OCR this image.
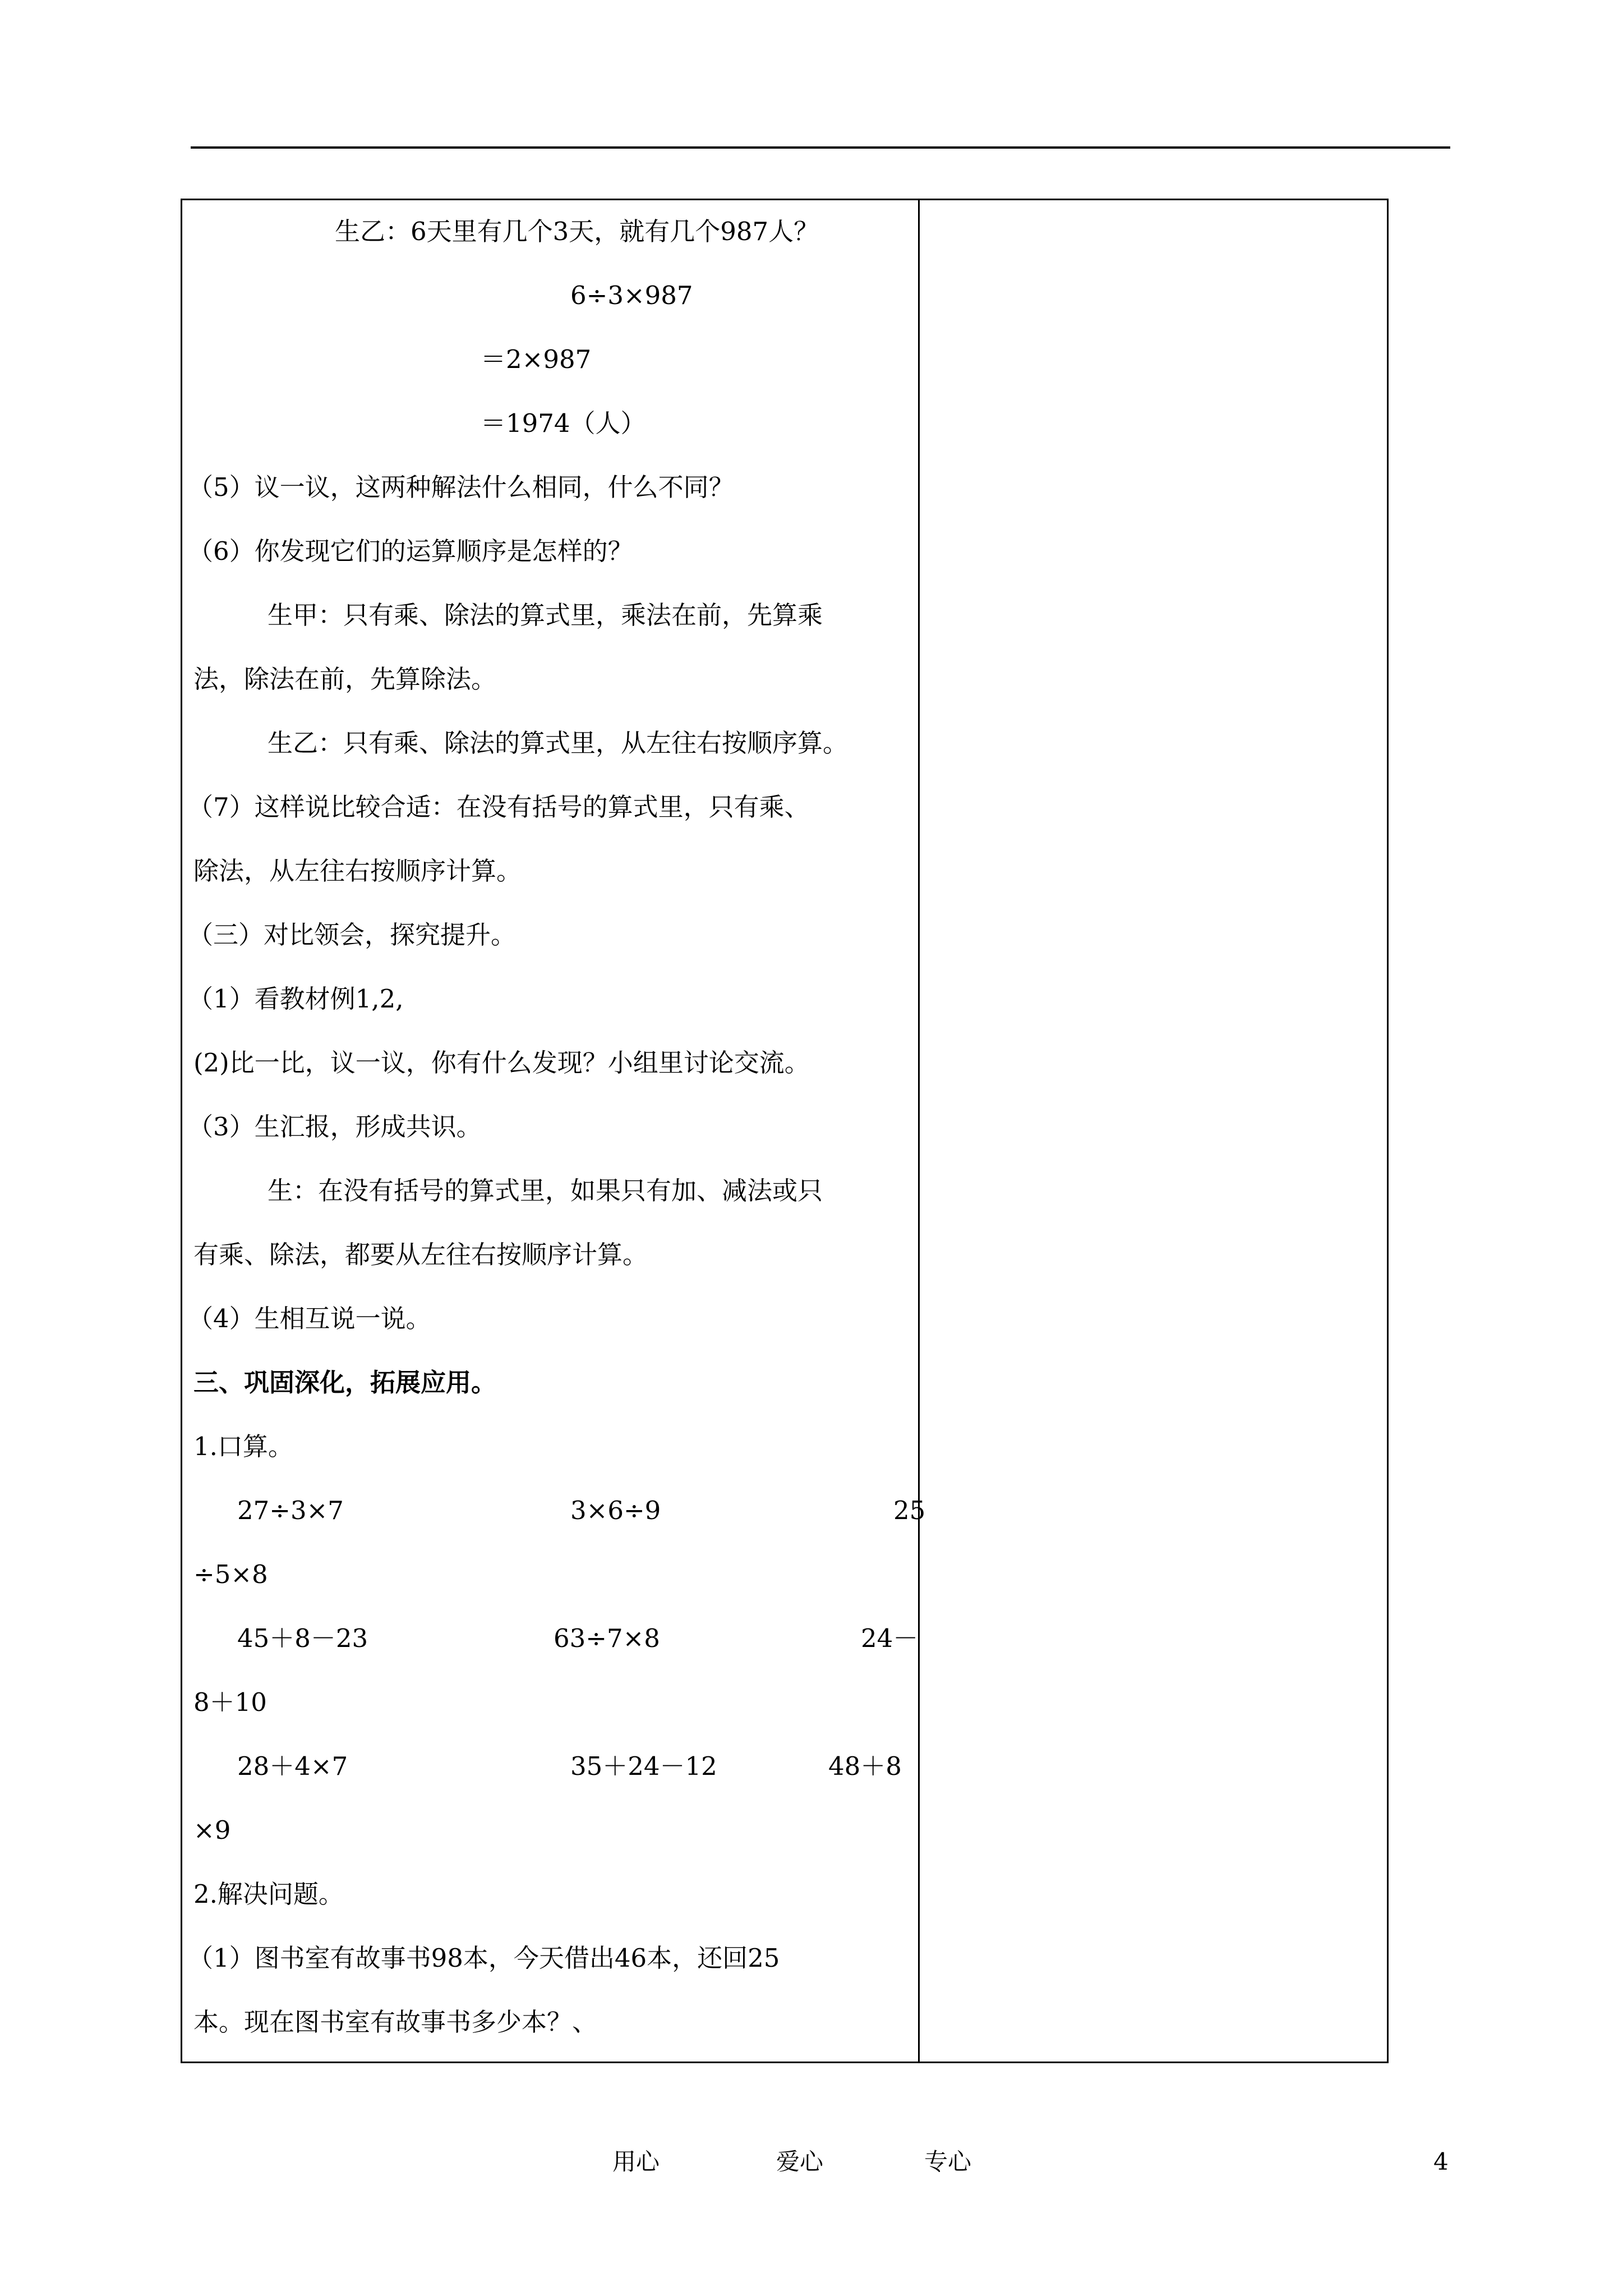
生乙：6天里有几个3天，就有几个987人？
6÷3×987
＝2×987
＝1974（人）
（5）议一议，这两种解法什么相同，什么不同？
（6）你发现它们的运算顺序是怎样的？
生甲：只有乘、除法的算式里，乘法在前，先算乘
法，除法在前，先算除法。
生乙：只有乘、除法的算式里，从左往右按顺序算。
（7）这样说比较合适：在没有括号的算式里，只有乘、
除法，从左往右按顺序计算。
（三）对比领会，探究提升。
（1）看教材例1,2,
(2)比一比，议一议，你有什么发现？小组里讨论交流。
（3）生汇报，形成共识。
生：在没有括号的算式里，如果只有加、减法或只
有乘、除法，都要从左往右按顺序计算。
（4）生相互说一说。
三、巩固深化，拓展应用。
1.口算。
27÷3×7	3×6÷9	25
÷5×8
45＋8－23	63÷7×8	24－
8＋10
28＋4×7	35＋24－12	48＋8
×9
2.解决问题。
（1）图书室有故事书98本，今天借出46本，还回25
本。现在图书室有故事书多少本？、
用心	爱心	专心	4
